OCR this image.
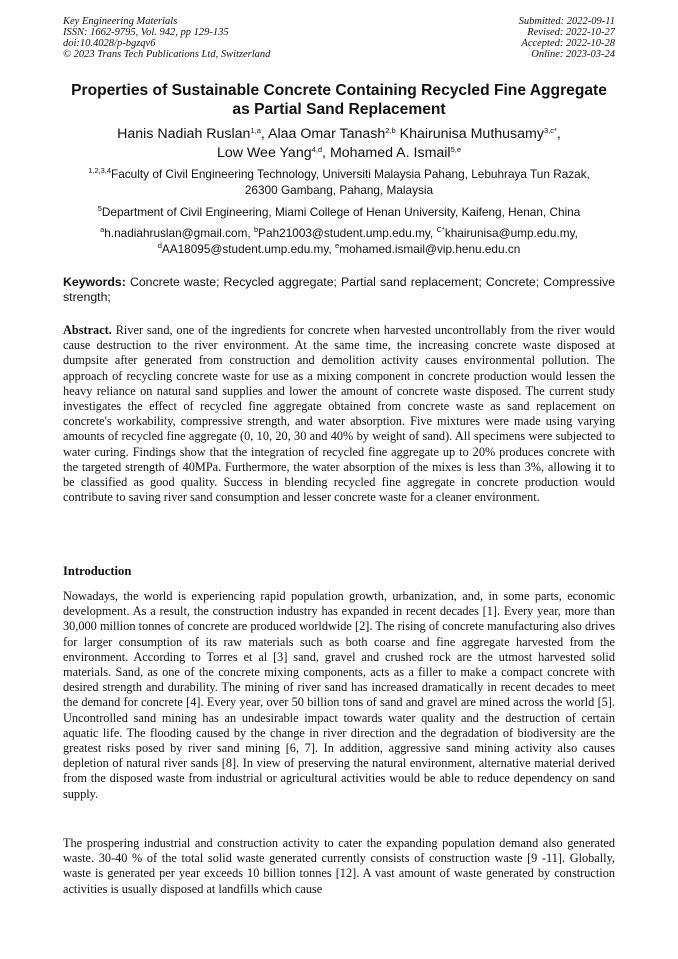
Key Engineering Materials
ISSN: 1662-9795, Vol. 942, pp 129-135
doi:10.4028/p-bgzqv6
© 2023 Trans Tech Publications Ltd, Switzerland
Submitted: 2022-09-11
Revised: 2022-10-27
Accepted: 2022-10-28
Online: 2023-03-24
Properties of Sustainable Concrete Containing Recycled Fine Aggregate
as Partial Sand Replacement
Hanis Nadiah Ruslan$^{1,a}$, Alaa Omar Tanash$^{2,b}$ Khairunisa Muthusamy$^{3,c*}$,
Low Wee Yang$^{4,d}$, Mohamed A. Ismail$^{5,e}$
$^{1,2,3,4}$Faculty of Civil Engineering Technology, Universiti Malaysia Pahang, Lebuhraya Tun Razak,
26300 Gambang, Pahang, Malaysia
$^5$Department of Civil Engineering, Miami College of Henan University, Kaifeng, Henan, China
$^a$h.nadiahruslan@gmail.com, $^b$Pah21003@student.ump.edu.my, $^{C*}$khairunisa@ump.edu.my,
$^d$AA18095@student.ump.edu.my, $^e$mohamed.ismail@vip.henu.edu.cn
Keywords: Concrete waste; Recycled aggregate; Partial sand replacement; Concrete; Compressive strength;

Abstract. River sand, one of the ingredients for concrete when harvested uncontrollably from the river would cause destruction to the river environment. At the same time, the increasing concrete waste disposed at dumpsite after generated from construction and demolition activity causes environmental pollution. The approach of recycling concrete waste for use as a mixing component in concrete production would lessen the heavy reliance on natural sand supplies and lower the amount of concrete waste disposed. The current study investigates the effect of recycled fine aggregate obtained from concrete waste as sand replacement on concrete's workability, compressive strength, and water absorption. Five mixtures were made using varying amounts of recycled fine aggregate (0, 10, 20, 30 and 40% by weight of sand). All specimens were subjected to water curing. Findings show that the integration of recycled fine aggregate up to 20% produces concrete with the targeted strength of 40MPa. Furthermore, the water absorption of the mixes is less than 3%, allowing it to be classified as good quality. Success in blending recycled fine aggregate in concrete production would contribute to saving river sand consumption and lesser concrete waste for a cleaner environment.

Introduction

Nowadays, the world is experiencing rapid population growth, urbanization, and, in some parts, economic development. As a result, the construction industry has expanded in recent decades [1]. Every year, more than 30,000 million tonnes of concrete are produced worldwide [2]. The rising of concrete manufacturing also drives for larger consumption of its raw materials such as both coarse and fine aggregate harvested from the environment. According to Torres et al [3] sand, gravel and crushed rock are the utmost harvested solid materials. Sand, as one of the concrete mixing components, acts as a filler to make a compact concrete with desired strength and durability. The mining of river sand has increased dramatically in recent decades to meet the demand for concrete [4]. Every year, over 50 billion tons of sand and gravel are mined across the world [5]. Uncontrolled sand mining has an undesirable impact towards water quality and the destruction of certain aquatic life. The flooding caused by the change in river direction and the degradation of biodiversity are the greatest risks posed by river sand mining [6, 7]. In addition, aggressive sand mining activity also causes depletion of natural river sands [8]. In view of preserving the natural environment, alternative material derived from the disposed waste from industrial or agricultural activities would be able to reduce dependency on sand supply.

The prospering industrial and construction activity to cater the expanding population demand also generated waste. 30-40 % of the total solid waste generated currently consists of construction waste [9 -11]. Globally, waste is generated per year exceeds 10 billion tonnes [12]. A vast amount of waste generated by construction activities is usually disposed at landfills which cause
